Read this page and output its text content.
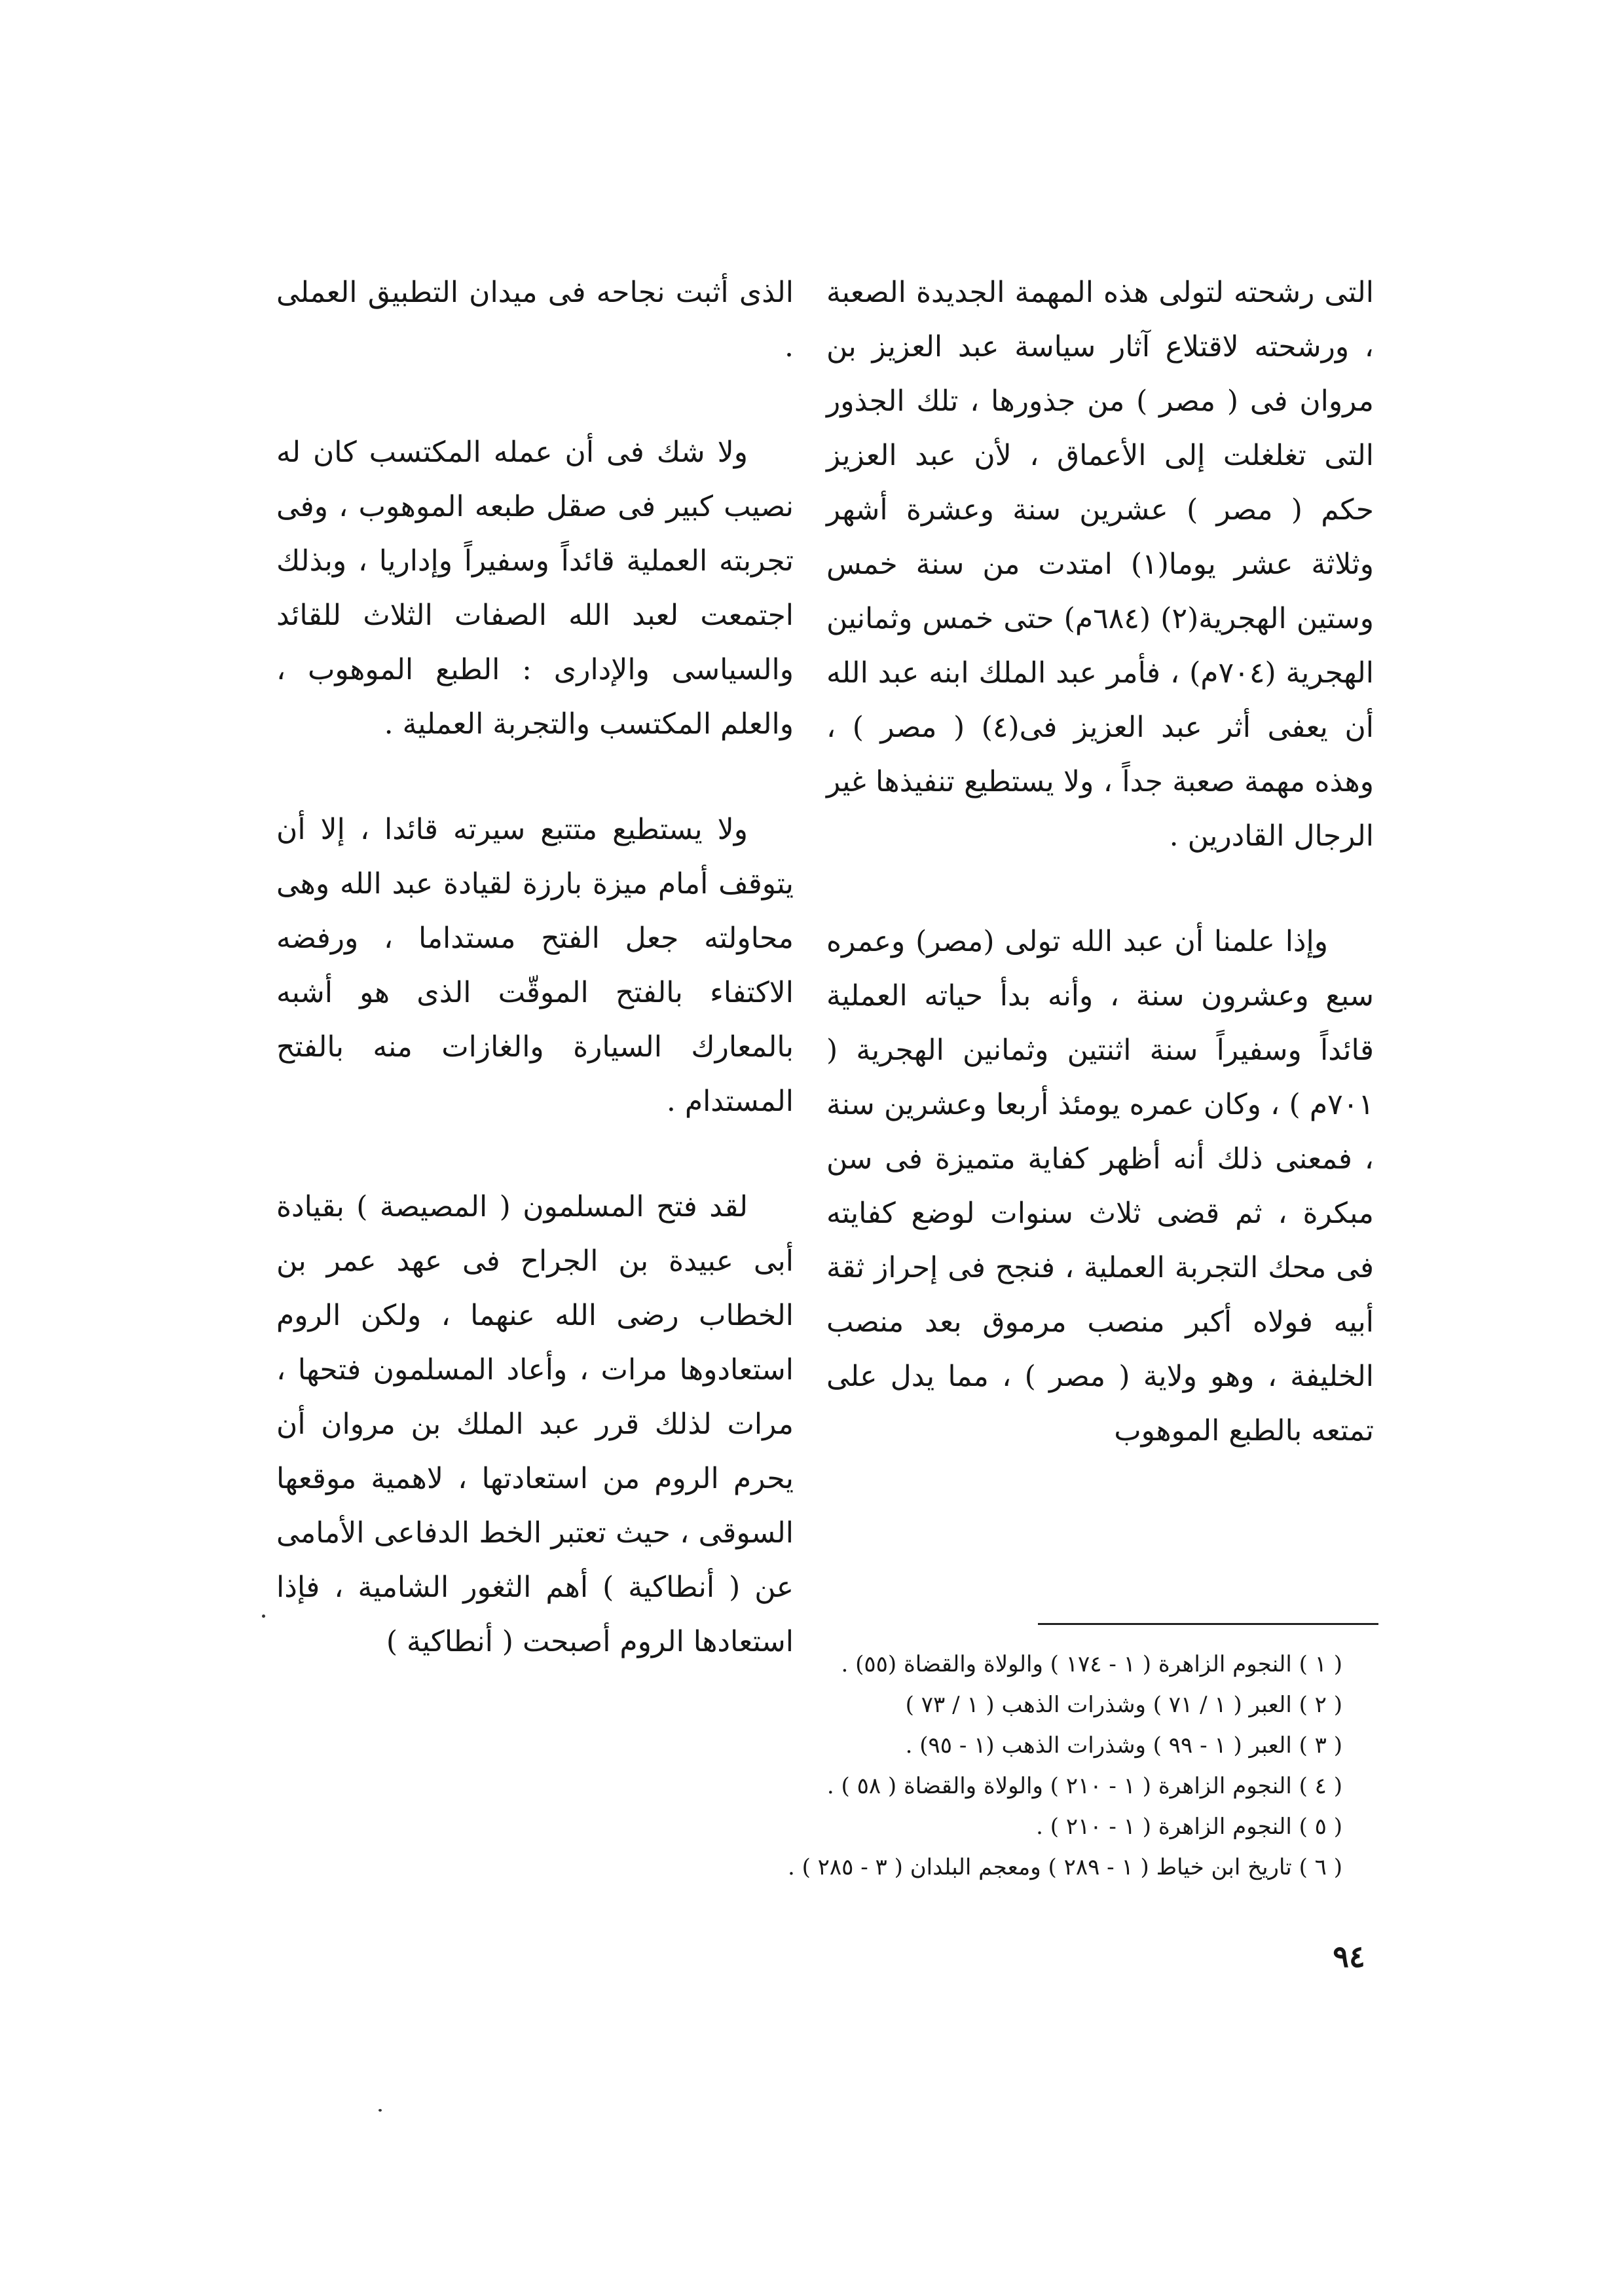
التى رشحته لتولى هذه المهمة الجديدة الصعبة ، ورشحته لاقتلاع آثار سياسة عبد العزيز بن مروان فى ( مصر ) من جذورها ، تلك الجذور التى تغلغلت إلى الأعماق ، لأن عبد العزيز حكم ( مصر ) عشرين سنة وعشرة أشهر وثلاثة عشر يوما(١) امتدت من سنة خمس وستين الهجرية(٢) (٦٨٤م) حتى خمس وثمانين الهجرية (٧٠٤م) ، فأمر عبد الملك ابنه عبد الله أن يعفى أثر عبد العزيز فى(٤) ( مصر ) ، وهذه مهمة صعبة جداً ، ولا يستطيع تنفيذها غير الرجال القادرين .

وإذا علمنا أن عبد الله تولى (مصر) وعمره سبع وعشرون سنة ، وأنه بدأ حياته العملية قائداً وسفيراً سنة اثنتين وثمانين الهجرية ( ٧٠١م ) ، وكان عمره يومئذ أربعا وعشرين سنة ، فمعنى ذلك أنه أظهر كفاية متميزة فى سن مبكرة ، ثم قضى ثلاث سنوات لوضع كفايته فى محك التجربة العملية ، فنجح فى إحراز ثقة أبيه فولاه أكبر منصب مرموق بعد منصب الخليفة ، وهو ولاية ( مصر ) ، مما يدل على تمتعه بالطبع الموهوب

الذى أثبت نجاحه فى ميدان التطبيق العملى .

ولا شك فى أن عمله المكتسب كان له نصيب كبير فى صقل طبعه الموهوب ، وفى تجربته العملية قائداً وسفيراً وإداريا ، وبذلك اجتمعت لعبد الله الصفات الثلاث للقائد والسياسى والإدارى : الطبع الموهوب ، والعلم المكتسب والتجربة العملية .

ولا يستطيع متتبع سيرته قائدا ، إلا أن يتوقف أمام ميزة بارزة لقيادة عبد الله وهى محاولته جعل الفتح مستداما ، ورفضه الاكتفاء بالفتح الموقّت الذى هو أشبه بالمعارك السيارة والغازات منه بالفتح المستدام .

لقد فتح المسلمون ( المصيصة ) بقيادة أبى عبيدة بن الجراح فى عهد عمر بن الخطاب رضى الله عنهما ، ولكن الروم استعادوها مرات ، وأعاد المسلمون فتحها ، مرات لذلك قرر عبد الملك بن مروان أن يحرم الروم من استعادتها ، لاهمية موقعها السوقى ، حيث تعتبر الخط الدفاعى الأمامى عن ( أنطاكية ) أهم الثغور الشامية ، فإذا استعادها الروم أصبحت ( أنطاكية )

( ١ ) النجوم الزاهرة ( ١ - ١٧٤ ) والولاة والقضاة (٥٥) .
( ٢ ) العبر ( ١ / ٧١ ) وشذرات الذهب ( ١ / ٧٣ )
( ٣ ) العبر ( ١ - ٩٩ ) وشذرات الذهب (١ - ٩٥) .
( ٤ ) النجوم الزاهرة ( ١ - ٢١٠ ) والولاة والقضاة ( ٥٨ ) .
( ٥ ) النجوم الزاهرة ( ١ - ٢١٠ ) .
( ٦ ) تاريخ ابن خياط ( ١ - ٢٨٩ ) ومعجم البلدان ( ٣ - ٢٨٥ ) .
٩٤
